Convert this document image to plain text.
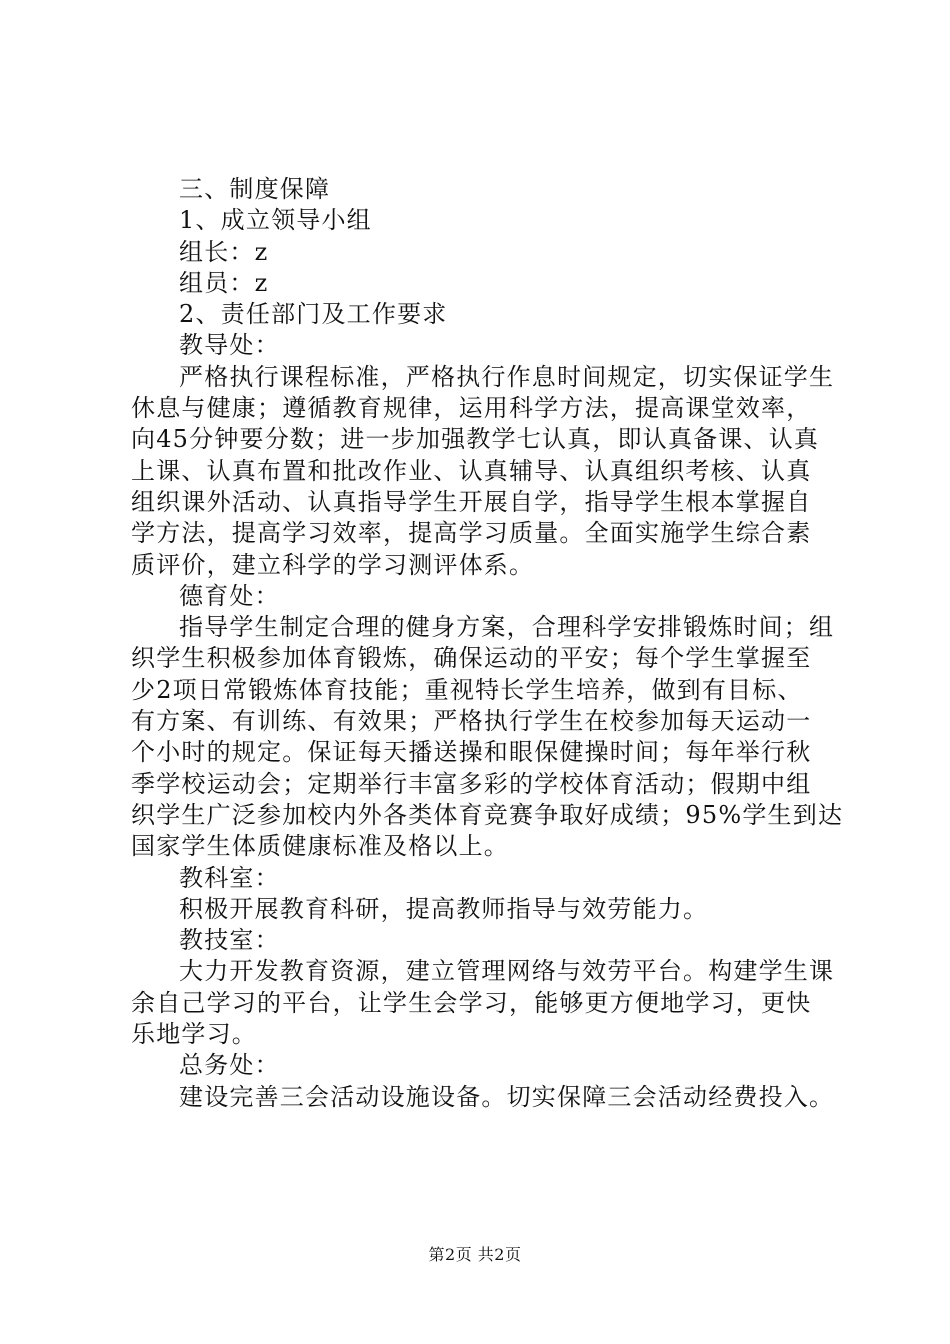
三、制度保障
1、成立领导小组
组长：z
组员：z
2、责任部门及工作要求
教导处：
严格执行课程标准，严格执行作息时间规定，切实保证学生
休息与健康；遵循教育规律，运用科学方法，提高课堂效率，
向45分钟要分数；进一步加强教学七认真，即认真备课、认真
上课、认真布置和批改作业、认真辅导、认真组织考核、认真
组织课外活动、认真指导学生开展自学，指导学生根本掌握自
学方法，提高学习效率，提高学习质量。全面实施学生综合素
质评价，建立科学的学习测评体系。
德育处：
指导学生制定合理的健身方案，合理科学安排锻炼时间；组
织学生积极参加体育锻炼，确保运动的平安；每个学生掌握至
少2项日常锻炼体育技能；重视特长学生培养，做到有目标、
有方案、有训练、有效果；严格执行学生在校参加每天运动一
个小时的规定。保证每天播送操和眼保健操时间；每年举行秋
季学校运动会；定期举行丰富多彩的学校体育活动；假期中组
织学生广泛参加校内外各类体育竞赛争取好成绩；95%学生到达
国家学生体质健康标准及格以上。
教科室：
积极开展教育科研，提高教师指导与效劳能力。
教技室：
大力开发教育资源，建立管理网络与效劳平台。构建学生课
余自己学习的平台，让学生会学习，能够更方便地学习，更快
乐地学习。
总务处：
建设完善三会活动设施设备。切实保障三会活动经费投入。
第2页 共2页
